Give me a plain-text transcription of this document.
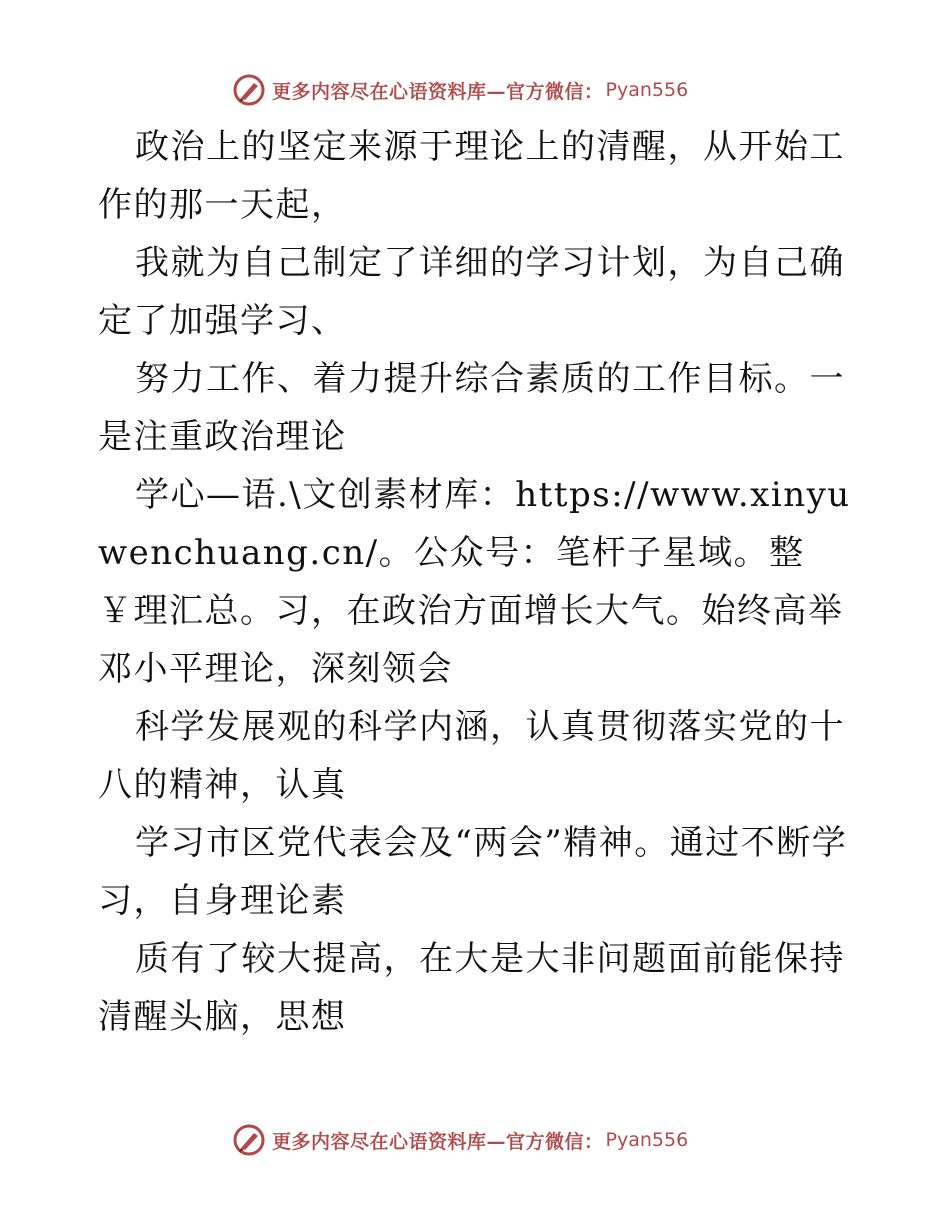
更多内容尽在心语资料库—官方微信： Pyan556

政治上的坚定来源于理论上的清醒，从开始工作的那一天起，

我就为自己制定了详细的学习计划，为自己确定了加强学习、

努力工作、着力提升综合素质的工作目标。一是注重政治理论

学心—语.\文创素材库：https://www.xinyuwenchuang.cn/。公众号：笔杆子星域。整￥理汇总。习，在政治方面增长大气。始终高举邓小平理论，深刻领会

科学发展观的科学内涵，认真贯彻落实党的十八的精神，认真

学习市区党代表会及“两会”精神。通过不断学习，自身理论素

质有了较大提高，在大是大非问题面前能保持清醒头脑，思想

更多内容尽在心语资料库—官方微信： Pyan556
